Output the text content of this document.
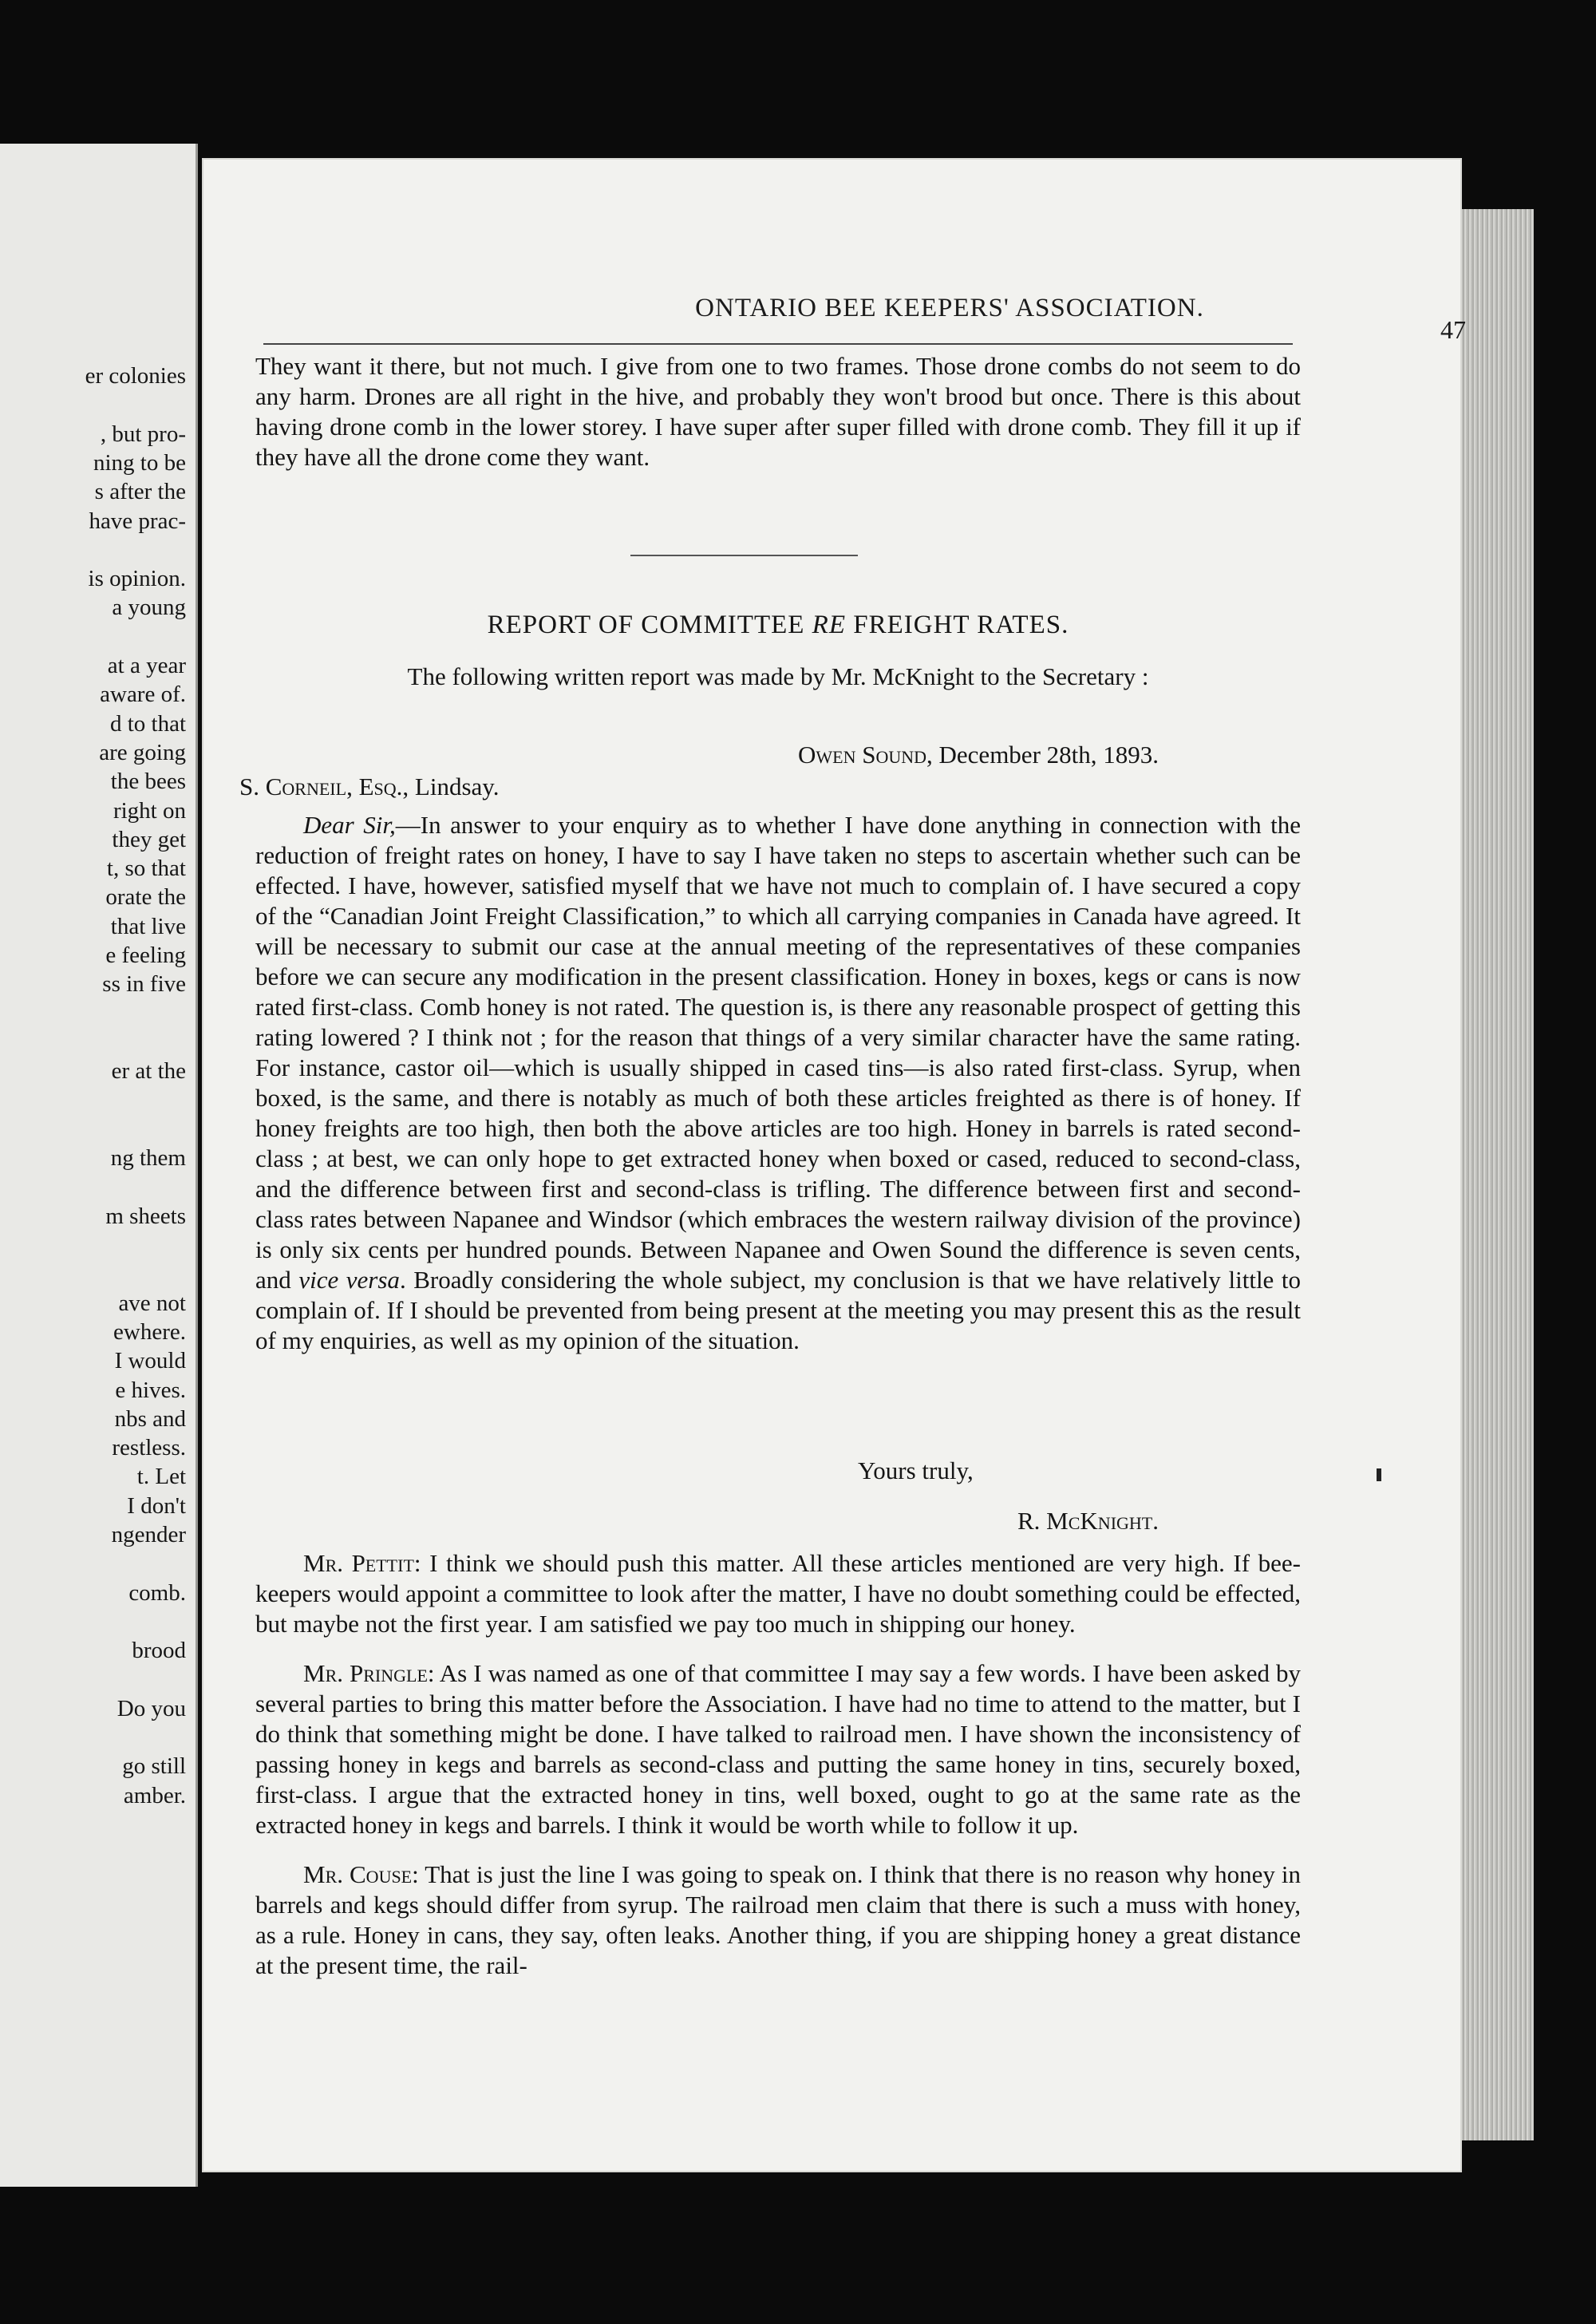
er colonies
, but pro-
ning to be
s after the
have prac-
is opinion.
a young
at a year
aware of.
d to that
are going
the bees
right on
they get
t, so that
orate the
that live
e feeling
ss in five
er at the
ng them
m sheets
ave not
ewhere.
I would
e hives.
nbs and
restless.
t. Let
I don't
ngender
comb.
brood
Do you
go still
amber.
ONTARIO BEE KEEPERS' ASSOCIATION.
47

They want it there, but not much. I give from one to two frames. Those drone combs do not seem to do any harm. Drones are all right in the hive, and probably they won't brood but once. There is this about having drone comb in the lower storey. I have super after super filled with drone comb. They fill it up if they have all the drone come they want.

REPORT OF COMMITTEE RE FREIGHT RATES.
The following written report was made by Mr. McKnight to the Secretary :
Owen Sound, December 28th, 1893.
S. Corneil, Esq., Lindsay.

Dear Sir,—In answer to your enquiry as to whether I have done anything in connection with the reduction of freight rates on honey, I have to say I have taken no steps to ascertain whether such can be effected. I have, however, satisfied myself that we have not much to complain of. I have secured a copy of the “Canadian Joint Freight Classification,” to which all carrying companies in Canada have agreed. It will be necessary to submit our case at the annual meeting of the representatives of these companies before we can secure any modification in the present classification. Honey in boxes, kegs or cans is now rated first-class. Comb honey is not rated. The question is, is there any reasonable prospect of getting this rating lowered ? I think not ; for the reason that things of a very similar character have the same rating. For instance, castor oil—which is usually shipped in cased tins—is also rated first-class. Syrup, when boxed, is the same, and there is notably as much of both these articles freighted as there is of honey. If honey freights are too high, then both the above articles are too high. Honey in barrels is rated second-class ; at best, we can only hope to get extracted honey when boxed or cased, reduced to second-class, and the difference between first and second-class is trifling. The difference between first and second-class rates between Napanee and Windsor (which embraces the western railway division of the province) is only six cents per hundred pounds. Between Napanee and Owen Sound the difference is seven cents, and vice versa. Broadly considering the whole subject, my conclusion is that we have relatively little to complain of. If I should be prevented from being present at the meeting you may present this as the result of my enquiries, as well as my opinion of the situation.

Yours truly,
R. McKnight.

Mr. Pettit: I think we should push this matter. All these articles mentioned are very high. If bee-keepers would appoint a committee to look after the matter, I have no doubt something could be effected, but maybe not the first year. I am satisfied we pay too much in shipping our honey.

Mr. Pringle: As I was named as one of that committee I may say a few words. I have been asked by several parties to bring this matter before the Association. I have had no time to attend to the matter, but I do think that something might be done. I have talked to railroad men. I have shown the inconsistency of passing honey in kegs and barrels as second-class and putting the same honey in tins, securely boxed, first-class. I argue that the extracted honey in tins, well boxed, ought to go at the same rate as the extracted honey in kegs and barrels. I think it would be worth while to follow it up.

Mr. Couse: That is just the line I was going to speak on. I think that there is no reason why honey in barrels and kegs should differ from syrup. The railroad men claim that there is such a muss with honey, as a rule. Honey in cans, they say, often leaks. Another thing, if you are shipping honey a great distance at the present time, the rail-
